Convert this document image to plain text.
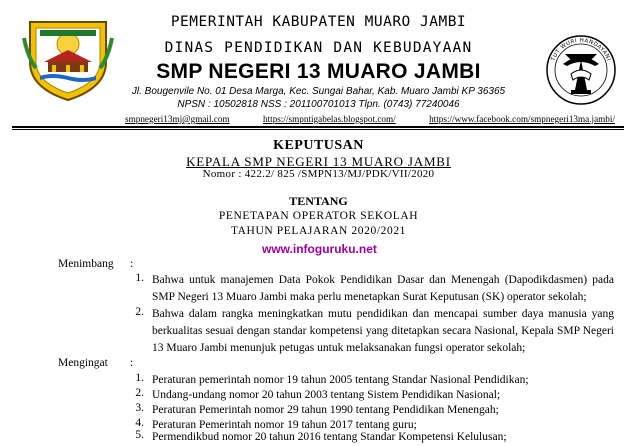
TUT WURI HANDAYANI
PEMERINTAH KABUPATEN MUARO JAMBI
DINAS PENDIDIKAN DAN KEBUDAYAAN
SMP NEGERI 13 MUARO JAMBI
Jl. Bougenvile No. 01 Desa Marga, Kec. Sungai Bahar, Kab. Muaro Jambi KP 36365
NPSN : 10502818 NSS : 201100701013 Tlpn. (0743) 77240046
smpnegeri13mj@gmail.com	https://smpntigabelas.blogspot.com/	https://www.facebook.com/smpnegeri13ma.jambi/
KEPUTUSAN
KEPALA SMP NEGERI 13 MUARO JAMBI
Nomor : 422.2/ 825 /SMPN13/MJ/PDK/VII/2020
TENTANG
PENETAPAN OPERATOR SEKOLAH
TAHUN PELAJARAN 2020/2021
www.infoguruku.net
Menimbang :
1. Bahwa untuk manajemen Data Pokok Pendidikan Dasar dan Menengah (Dapodikdasmen) pada SMP Negeri 13 Muaro Jambi maka perlu menetapkan Surat Keputusan (SK) operator sekolah;
2. Bahwa dalam rangka meningkatkan mutu pendidikan dan mencapai sumber daya manusia yang berkualitas sesuai dengan standar kompetensi yang ditetapkan secara Nasional, Kepala SMP Negeri 13 Muaro Jambi menunjuk petugas untuk melaksanakan fungsi operator sekolah;
Mengingat :
1. Peraturan pemerintah nomor 19 tahun 2005 tentang Standar Nasional Pendidikan;
2. Undang-undang nomor 20 tahun 2003 tentang Sistem Pendidikan Nasional;
3. Peraturan Pemerintah nomor 29 tahun 1990 tentang Pendidikan Menengah;
4. Peraturan Pemerintah nomor 19 tahun 2017 tentang guru;
5. Permendikbud nomor 20 tahun 2016 tentang Standar Kompetensi Kelulusan;
